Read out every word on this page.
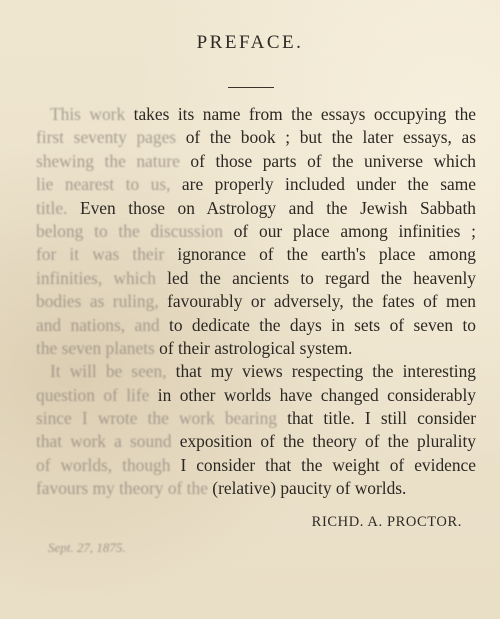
PREFACE.
This work takes its name from the essays occupying the
first seventy pages of the book ; but the later essays, as
shewing the nature of those parts of the universe which
lie nearest to us, are properly included under the same
title. Even those on Astrology and the Jewish Sabbath
belong to the discussion of our place among infinities ;
for it was their ignorance of the earth's place among
infinities, which led the ancients to regard the heavenly
bodies as ruling, favourably or adversely, the fates of men
and nations, and to dedicate the days in sets of seven to
the seven planets of their astrological system.
It will be seen, that my views respecting the interesting
question of life in other worlds have changed considerably
since I wrote the work bearing that title. I still consider
that work a sound exposition of the theory of the plurality
of worlds, though I consider that the weight of evidence
favours my theory of the (relative) paucity of worlds.
RICHD. A. PROCTOR.
Sept. 27, 1875.
